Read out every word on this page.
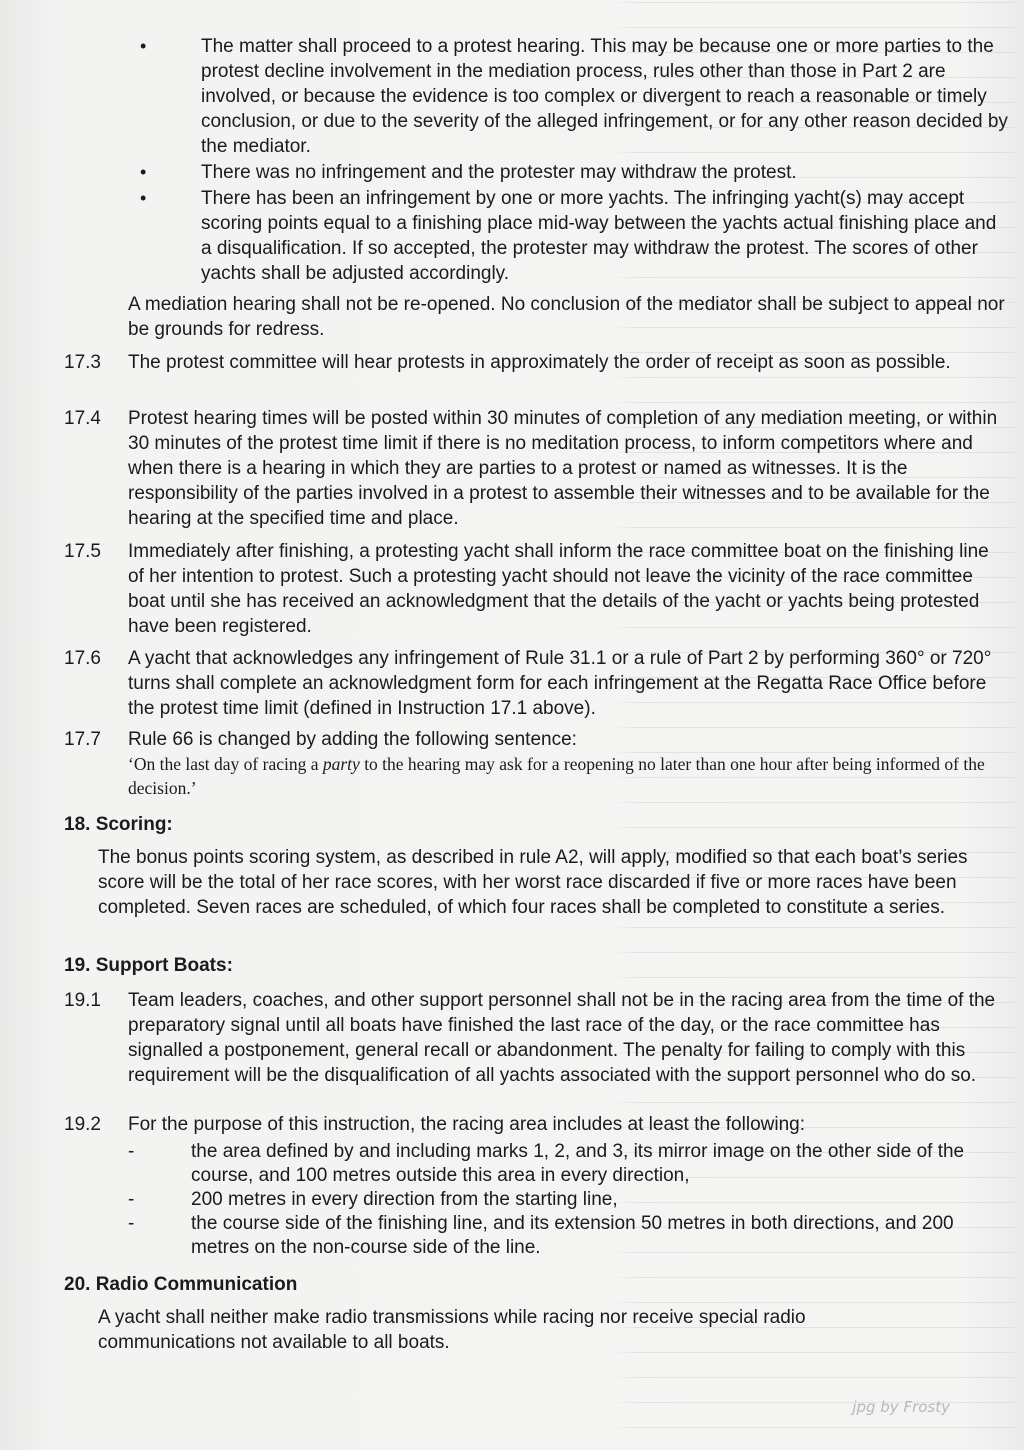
•	The matter shall proceed to a protest hearing. This may be because one or more parties to the protest decline involvement in the mediation process, rules other than those in Part 2 are involved, or because the evidence is too complex or divergent to reach a reasonable or timely conclusion, or due to the severity of the alleged infringement, or for any other reason decided by the mediator.
•	There was no infringement and the protester may withdraw the protest.
•	There has been an infringement by one or more yachts. The infringing yacht(s) may accept scoring points equal to a finishing place mid-way between the yachts actual finishing place and a disqualification. If so accepted, the protester may withdraw the protest. The scores of other yachts shall be adjusted accordingly.
A mediation hearing shall not be re-opened. No conclusion of the mediator shall be subject to appeal nor be grounds for redress.
17.3	The protest committee will hear protests in approximately the order of receipt as soon as possible.
17.4	Protest hearing times will be posted within 30 minutes of completion of any mediation meeting, or within 30 minutes of the protest time limit if there is no meditation process, to inform competitors where and when there is a hearing in which they are parties to a protest or named as witnesses. It is the responsibility of the parties involved in a protest to assemble their witnesses and to be available for the hearing at the specified time and place.
17.5	Immediately after finishing, a protesting yacht shall inform the race committee boat on the finishing line of her intention to protest. Such a protesting yacht should not leave the vicinity of the race committee boat until she has received an acknowledgment that the details of the yacht or yachts being protested have been registered.
17.6	A yacht that acknowledges any infringement of Rule 31.1 or a rule of Part 2 by performing 360° or 720° turns shall complete an acknowledgment form for each infringement at the Regatta Race Office before the protest time limit (defined in Instruction 17.1 above).
17.7	Rule 66 is changed by adding the following sentence:
‘On the last day of racing a party to the hearing may ask for a reopening no later than one hour after being informed of the decision.’
18. Scoring:
The bonus points scoring system, as described in rule A2, will apply, modified so that each boat’s series score will be the total of her race scores, with her worst race discarded if five or more races have been completed. Seven races are scheduled, of which four races shall be completed to constitute a series.
19. Support Boats:
19.1	Team leaders, coaches, and other support personnel shall not be in the racing area from the time of the preparatory signal until all boats have finished the last race of the day, or the race committee has signalled a postponement, general recall or abandonment. The penalty for failing to comply with this requirement will be the disqualification of all yachts associated with the support personnel who do so.
19.2	For the purpose of this instruction, the racing area includes at least the following:
-	the area defined by and including marks 1, 2, and 3, its mirror image on the other side of the course, and 100 metres outside this area in every direction,
-	200 metres in every direction from the starting line,
-	the course side of the finishing line, and its extension 50 metres in both directions, and 200 metres on the non-course side of the line.
20. Radio Communication
A yacht shall neither make radio transmissions while racing nor receive special radio communications not available to all boats.
jpg by Frosty
